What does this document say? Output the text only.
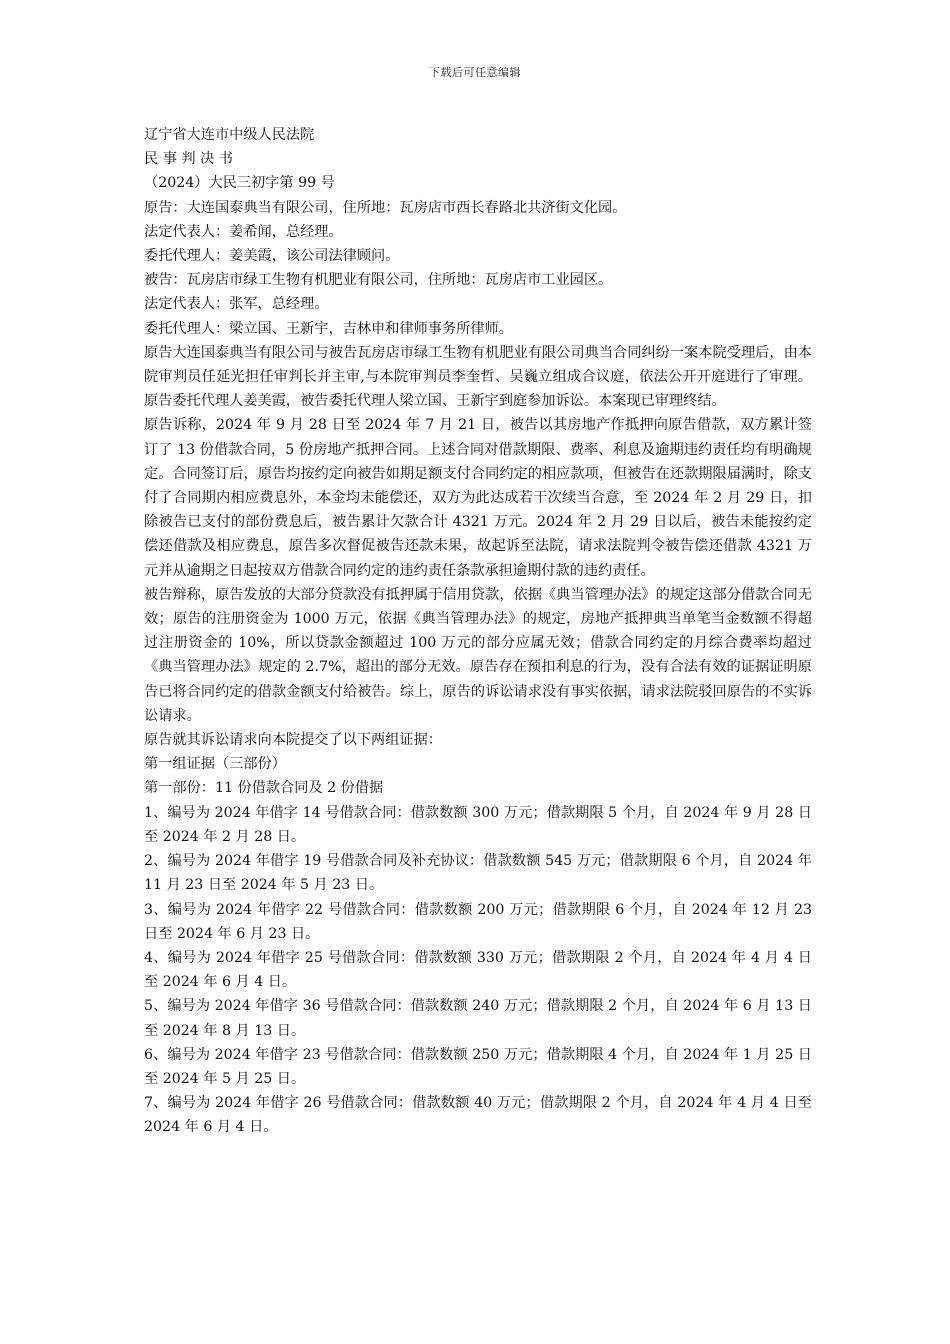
下载后可任意编辑

辽宁省大连市中级人民法院

民 事 判 决 书

（2024）大民三初字第 99 号

原告：大连国泰典当有限公司，住所地：瓦房店市西长春路北共济街文化园。

法定代表人：姜希闻，总经理。

委托代理人：姜美霞，该公司法律顾问。

被告：瓦房店市绿工生物有机肥业有限公司，住所地：瓦房店市工业园区。

法定代表人：张军，总经理。

委托代理人：梁立国、王新宇，吉林申和律师事务所律师。

原告大连国泰典当有限公司与被告瓦房店市绿工生物有机肥业有限公司典当合同纠纷一案本院受理后，由本院审判员任延光担任审判长并主审,与本院审判员李奎哲、吴巍立组成合议庭，依法公开开庭进行了审理。原告委托代理人姜美霞，被告委托代理人梁立国、王新宇到庭参加诉讼。本案现已审理终结。

原告诉称，2024 年 9 月 28 日至 2024 年 7 月 21 日，被告以其房地产作抵押向原告借款，双方累计签订了 13 份借款合同，5 份房地产抵押合同。上述合同对借款期限、费率、利息及逾期违约责任均有明确规定。合同签订后，原告均按约定向被告如期足额支付合同约定的相应款项，但被告在还款期限届满时，除支付了合同期内相应费息外，本金均未能偿还，双方为此达成若干次续当合意，至 2024 年 2 月 29 日，扣除被告已支付的部份费息后，被告累计欠款合计 4321 万元。2024 年 2 月 29 日以后，被告未能按约定偿还借款及相应费息，原告多次督促被告还款未果，故起诉至法院，请求法院判令被告偿还借款 4321 万元并从逾期之日起按双方借款合同约定的违约责任条款承担逾期付款的违约责任。

被告辩称，原告发放的大部分贷款没有抵押属于信用贷款，依据《典当管理办法》的规定这部分借款合同无效；原告的注册资金为 1000 万元，依据《典当管理办法》的规定，房地产抵押典当单笔当金数额不得超过注册资金的 10%，所以贷款金额超过 100 万元的部分应属无效；借款合同约定的月综合费率均超过《典当管理办法》规定的 2.7%，超出的部分无效。原告存在预扣利息的行为，没有合法有效的证据证明原告已将合同约定的借款金额支付给被告。综上，原告的诉讼请求没有事实依据，请求法院驳回原告的不实诉讼请求。

原告就其诉讼请求向本院提交了以下两组证据：

第一组证据（三部份）

第一部份：11 份借款合同及 2 份借据

1、编号为 2024 年借字 14 号借款合同：借款数额 300 万元；借款期限 5 个月，自 2024 年 9 月 28 日至 2024 年 2 月 28 日。

2、编号为 2024 年借字 19 号借款合同及补充协议：借款数额 545 万元；借款期限 6 个月，自 2024 年 11 月 23 日至 2024 年 5 月 23 日。

3、编号为 2024 年借字 22 号借款合同：借款数额 200 万元；借款期限 6 个月，自 2024 年 12 月 23 日至 2024 年 6 月 23 日。

4、编号为 2024 年借字 25 号借款合同：借款数额 330 万元；借款期限 2 个月，自 2024 年 4 月 4 日至 2024 年 6 月 4 日。

5、编号为 2024 年借字 36 号借款合同：借款数额 240 万元；借款期限 2 个月，自 2024 年 6 月 13 日至 2024 年 8 月 13 日。

6、编号为 2024 年借字 23 号借款合同：借款数额 250 万元；借款期限 4 个月，自 2024 年 1 月 25 日至 2024 年 5 月 25 日。

7、编号为 2024 年借字 26 号借款合同：借款数额 40 万元；借款期限 2 个月，自 2024 年 4 月 4 日至 2024 年 6 月 4 日。
